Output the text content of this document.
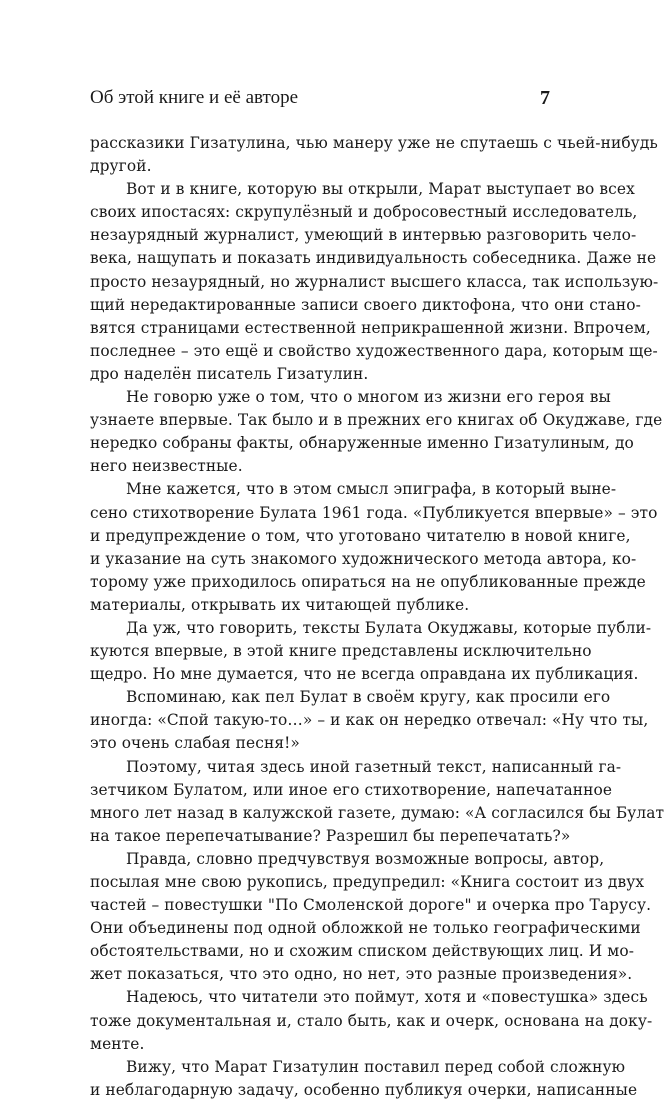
Об этой книге и её авторе	7
рассказики Гизатулина, чью манеру уже не спутаешь с чьей-нибудь
другой.
Вот и в книге, которую вы открыли, Марат выступает во всех
своих ипостасях: скрупулёзный и добросовестный исследователь,
незаурядный журналист, умеющий в интервью разговорить чело-
века, нащупать и показать индивидуальность собеседника. Даже не
просто незаурядный, но журналист высшего класса, так использую-
щий нередактированные записи своего диктофона, что они стано-
вятся страницами естественной неприкрашенной жизни. Впрочем,
последнее – это ещё и свойство художественного дара, которым ще-
дро наделён писатель Гизатулин.
Не говорю уже о том, что о многом из жизни его героя вы
узнаете впервые. Так было и в прежних его книгах об Окуджаве, где
нередко собраны факты, обнаруженные именно Гизатулиным, до
него неизвестные.
Мне кажется, что в этом смысл эпиграфа, в который выне-
сено стихотворение Булата 1961 года. «Публикуется впервые» – это
и предупреждение о том, что уготовано читателю в новой книге,
и указание на суть знакомого художнического метода автора, ко-
торому уже приходилось опираться на не опубликованные прежде
материалы, открывать их читающей публике.
Да уж, что говорить, тексты Булата Окуджавы, которые публи-
куются впервые, в этой книге представлены исключительно
щедро. Но мне думается, что не всегда оправдана их публикация.
Вспоминаю, как пел Булат в своём кругу, как просили его
иногда: «Спой такую-то…» – и как он нередко отвечал: «Ну что ты,
это очень слабая песня!»
Поэтому, читая здесь иной газетный текст, написанный га-
зетчиком Булатом, или иное его стихотворение, напечатанное
много лет назад в калужской газете, думаю: «А согласился бы Булат
на такое перепечатывание? Разрешил бы перепечатать?»
Правда, словно предчувствуя возможные вопросы, автор,
посылая мне свою рукопись, предупредил: «Книга состоит из двух
частей – повестушки "По Смоленской дороге" и очерка про Тарусу.
Они объединены под одной обложкой не только географическими
обстоятельствами, но и схожим списком действующих лиц. И мо-
жет показаться, что это одно, но нет, это разные произведения».
Надеюсь, что читатели это поймут, хотя и «повестушка» здесь
тоже документальная и, стало быть, как и очерк, основана на доку-
менте.
Вижу, что Марат Гизатулин поставил перед собой сложную
и неблагодарную задачу, особенно публикуя очерки, написанные
